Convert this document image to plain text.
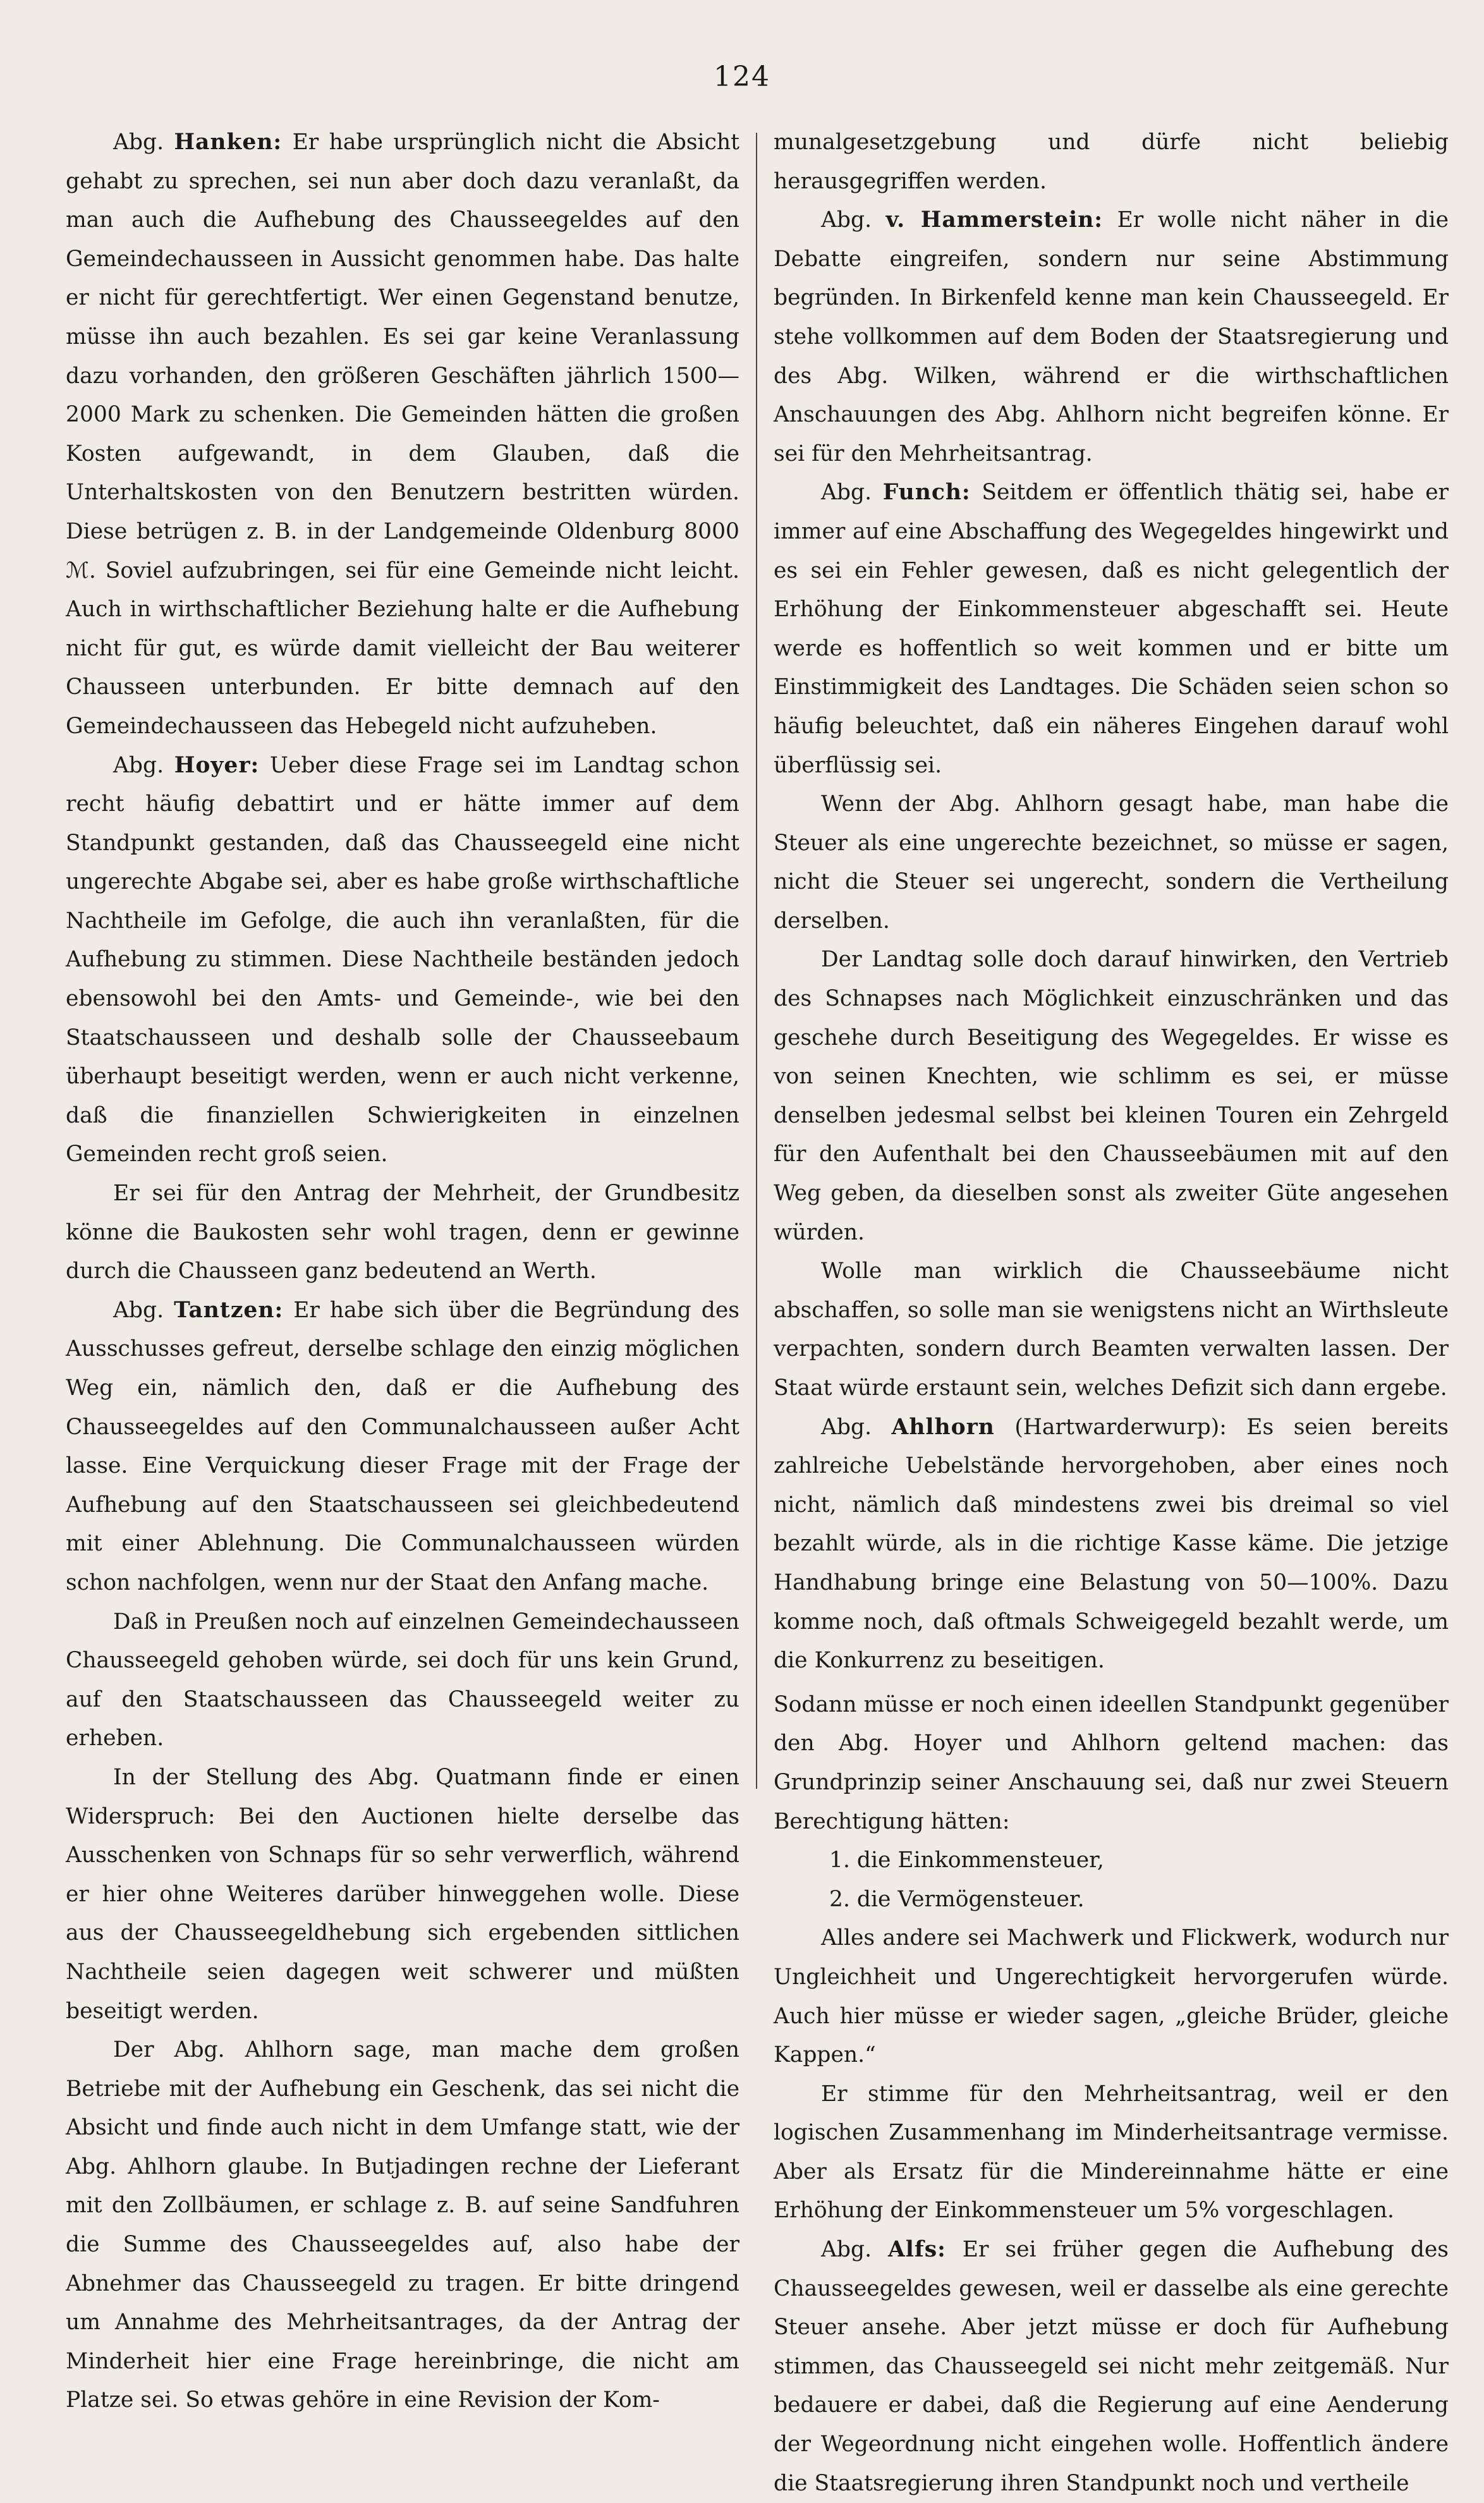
124

Abg. Hanken: Er habe ursprünglich nicht die Absicht gehabt zu sprechen, sei nun aber doch dazu veranlaßt, da man auch die Aufhebung des Chausseegeldes auf den Gemeindechausseen in Aussicht genommen habe. Das halte er nicht für gerechtfertigt. Wer einen Gegenstand benutze, müsse ihn auch bezahlen. Es sei gar keine Veranlassung dazu vorhanden, den größeren Geschäften jährlich 1500—2000 Mark zu schenken. Die Gemeinden hätten die großen Kosten aufgewandt, in dem Glauben, daß die Unterhaltskosten von den Benutzern bestritten würden. Diese betrügen z. B. in der Landgemeinde Oldenburg 8000 ℳ. Soviel aufzubringen, sei für eine Gemeinde nicht leicht. Auch in wirthschaftlicher Beziehung halte er die Aufhebung nicht für gut, es würde damit vielleicht der Bau weiterer Chausseen unterbunden. Er bitte demnach auf den Gemeindechausseen das Hebegeld nicht aufzuheben.

Abg. Hoyer: Ueber diese Frage sei im Landtag schon recht häufig debattirt und er hätte immer auf dem Standpunkt gestanden, daß das Chausseegeld eine nicht ungerechte Abgabe sei, aber es habe große wirthschaftliche Nachtheile im Gefolge, die auch ihn veranlaßten, für die Aufhebung zu stimmen. Diese Nachtheile beständen jedoch ebensowohl bei den Amts- und Gemeinde-, wie bei den Staatschausseen und deshalb solle der Chausseebaum überhaupt beseitigt werden, wenn er auch nicht verkenne, daß die finanziellen Schwierigkeiten in einzelnen Gemeinden recht groß seien.

Er sei für den Antrag der Mehrheit, der Grundbesitz könne die Baukosten sehr wohl tragen, denn er gewinne durch die Chausseen ganz bedeutend an Werth.

Abg. Tantzen: Er habe sich über die Begründung des Ausschusses gefreut, derselbe schlage den einzig möglichen Weg ein, nämlich den, daß er die Aufhebung des Chausseegeldes auf den Communalchausseen außer Acht lasse. Eine Verquickung dieser Frage mit der Frage der Aufhebung auf den Staatschausseen sei gleichbedeutend mit einer Ablehnung. Die Communalchausseen würden schon nachfolgen, wenn nur der Staat den Anfang mache.

Daß in Preußen noch auf einzelnen Gemeindechausseen Chausseegeld gehoben würde, sei doch für uns kein Grund, auf den Staatschausseen das Chausseegeld weiter zu erheben.

In der Stellung des Abg. Quatmann finde er einen Widerspruch: Bei den Auctionen hielte derselbe das Ausschenken von Schnaps für so sehr verwerflich, während er hier ohne Weiteres darüber hinweggehen wolle. Diese aus der Chausseegeldhebung sich ergebenden sittlichen Nachtheile seien dagegen weit schwerer und müßten beseitigt werden.

Der Abg. Ahlhorn sage, man mache dem großen Betriebe mit der Aufhebung ein Geschenk, das sei nicht die Absicht und finde auch nicht in dem Umfange statt, wie der Abg. Ahlhorn glaube. In Butjadingen rechne der Lieferant mit den Zollbäumen, er schlage z. B. auf seine Sandfuhren die Summe des Chausseegeldes auf, also habe der Abnehmer das Chausseegeld zu tragen. Er bitte dringend um Annahme des Mehrheitsantrages, da der Antrag der Minderheit hier eine Frage hereinbringe, die nicht am Platze sei. So etwas gehöre in eine Revision der Kom-

munalgesetzgebung und dürfe nicht beliebig herausgegriffen werden.

Abg. v. Hammerstein: Er wolle nicht näher in die Debatte eingreifen, sondern nur seine Abstimmung begründen. In Birkenfeld kenne man kein Chausseegeld. Er stehe vollkommen auf dem Boden der Staatsregierung und des Abg. Wilken, während er die wirthschaftlichen Anschauungen des Abg. Ahlhorn nicht begreifen könne. Er sei für den Mehrheitsantrag.

Abg. Funch: Seitdem er öffentlich thätig sei, habe er immer auf eine Abschaffung des Wegegeldes hingewirkt und es sei ein Fehler gewesen, daß es nicht gelegentlich der Erhöhung der Einkommensteuer abgeschafft sei. Heute werde es hoffentlich so weit kommen und er bitte um Einstimmigkeit des Landtages. Die Schäden seien schon so häufig beleuchtet, daß ein näheres Eingehen darauf wohl überflüssig sei.

Wenn der Abg. Ahlhorn gesagt habe, man habe die Steuer als eine ungerechte bezeichnet, so müsse er sagen, nicht die Steuer sei ungerecht, sondern die Vertheilung derselben.

Der Landtag solle doch darauf hinwirken, den Vertrieb des Schnapses nach Möglichkeit einzuschränken und das geschehe durch Beseitigung des Wegegeldes. Er wisse es von seinen Knechten, wie schlimm es sei, er müsse denselben jedesmal selbst bei kleinen Touren ein Zehrgeld für den Aufenthalt bei den Chausseebäumen mit auf den Weg geben, da dieselben sonst als zweiter Güte angesehen würden.

Wolle man wirklich die Chausseebäume nicht abschaffen, so solle man sie wenigstens nicht an Wirthsleute verpachten, sondern durch Beamten verwalten lassen. Der Staat würde erstaunt sein, welches Defizit sich dann ergebe.

Abg. Ahlhorn (Hartwarderwurp): Es seien bereits zahlreiche Uebelstände hervorgehoben, aber eines noch nicht, nämlich daß mindestens zwei bis dreimal so viel bezahlt würde, als in die richtige Kasse käme. Die jetzige Handhabung bringe eine Belastung von 50—100%. Dazu komme noch, daß oftmals Schweigegeld bezahlt werde, um die Konkurrenz zu beseitigen.

Sodann müsse er noch einen ideellen Standpunkt gegenüber den Abg. Hoyer und Ahlhorn geltend machen: das Grundprinzip seiner Anschauung sei, daß nur zwei Steuern Berechtigung hätten:

1. die Einkommensteuer,

2. die Vermögensteuer.

Alles andere sei Machwerk und Flickwerk, wodurch nur Ungleichheit und Ungerechtigkeit hervorgerufen würde. Auch hier müsse er wieder sagen, „gleiche Brüder, gleiche Kappen.“

Er stimme für den Mehrheitsantrag, weil er den logischen Zusammenhang im Minderheitsantrage vermisse. Aber als Ersatz für die Mindereinnahme hätte er eine Erhöhung der Einkommensteuer um 5% vorgeschlagen.

Abg. Alfs: Er sei früher gegen die Aufhebung des Chausseegeldes gewesen, weil er dasselbe als eine gerechte Steuer ansehe. Aber jetzt müsse er doch für Aufhebung stimmen, das Chausseegeld sei nicht mehr zeitgemäß. Nur bedauere er dabei, daß die Regierung auf eine Aenderung der Wegeordnung nicht eingehen wolle. Hoffentlich ändere die Staatsregierung ihren Standpunkt noch und vertheile
